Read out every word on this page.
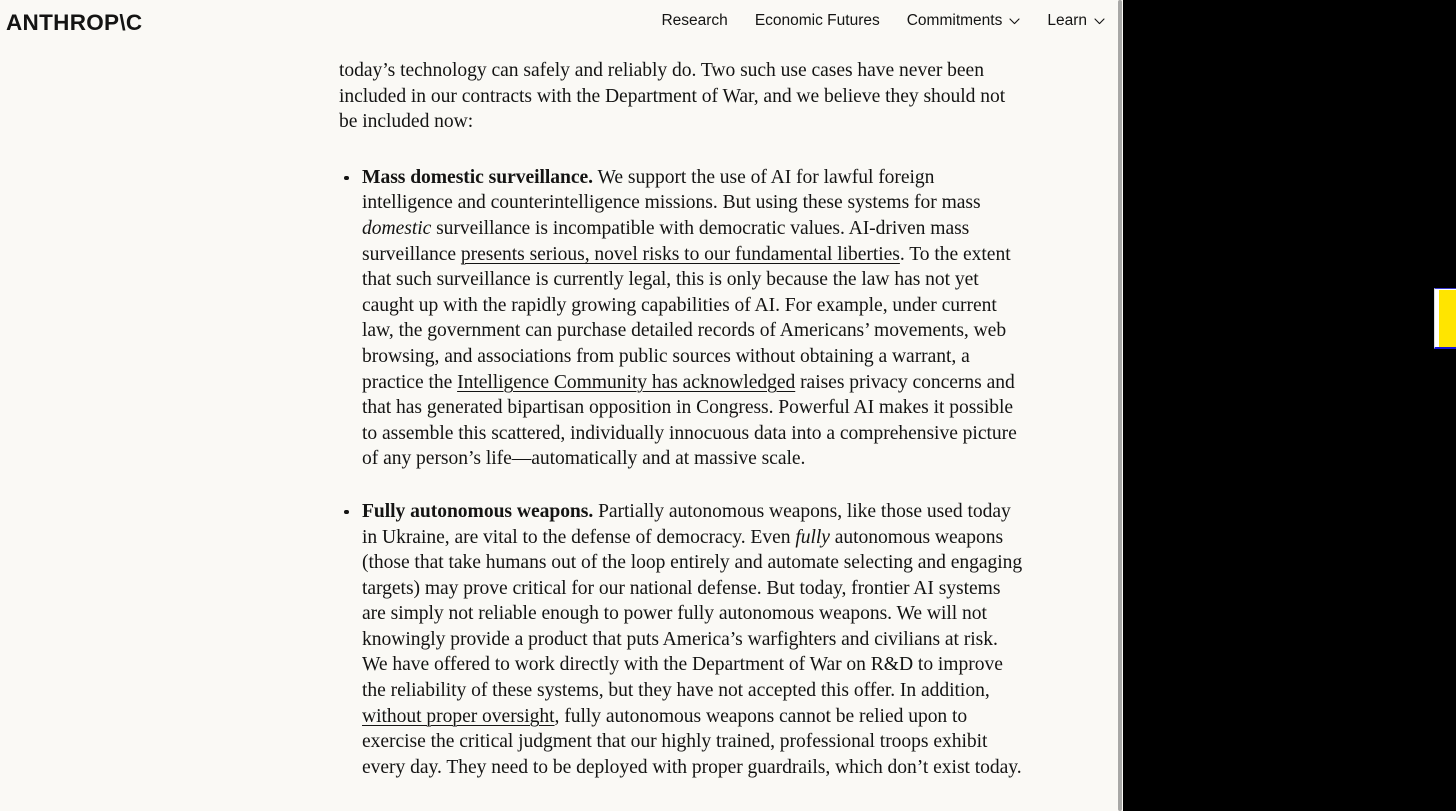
ANTHROP\C	Research Economic Futures Commitments	Learn

today’s technology can safely and reliably do. Two such use cases have never been included in our contracts with the Department of War, and we believe they should not be included now:

Mass domestic surveillance. We support the use of AI for lawful foreign intelligence and counterintelligence missions. But using these systems for mass domestic surveillance is incompatible with democratic values. AI-driven mass surveillance presents serious, novel risks to our fundamental liberties. To the extent that such surveillance is currently legal, this is only because the law has not yet caught up with the rapidly growing capabilities of AI. For example, under current law, the government can purchase detailed records of Americans’ movements, web browsing, and associations from public sources without obtaining a warrant, a practice the Intelligence Community has acknowledged raises privacy concerns and that has generated bipartisan opposition in Congress. Powerful AI makes it possible to assemble this scattered, individually innocuous data into a comprehensive picture of any person’s life—automatically and at massive scale.
Fully autonomous weapons. Partially autonomous weapons, like those used today in Ukraine, are vital to the defense of democracy. Even fully autonomous weapons (those that take humans out of the loop entirely and automate selecting and engaging targets) may prove critical for our national defense. But today, frontier AI systems are simply not reliable enough to power fully autonomous weapons. We will not knowingly provide a product that puts America’s warfighters and civilians at risk. We have offered to work directly with the Department of War on R&D to improve the reliability of these systems, but they have not accepted this offer. In addition, without proper oversight, fully autonomous weapons cannot be relied upon to exercise the critical judgment that our highly trained, professional troops exhibit every day. They need to be deployed with proper guardrails, which don’t exist today.
